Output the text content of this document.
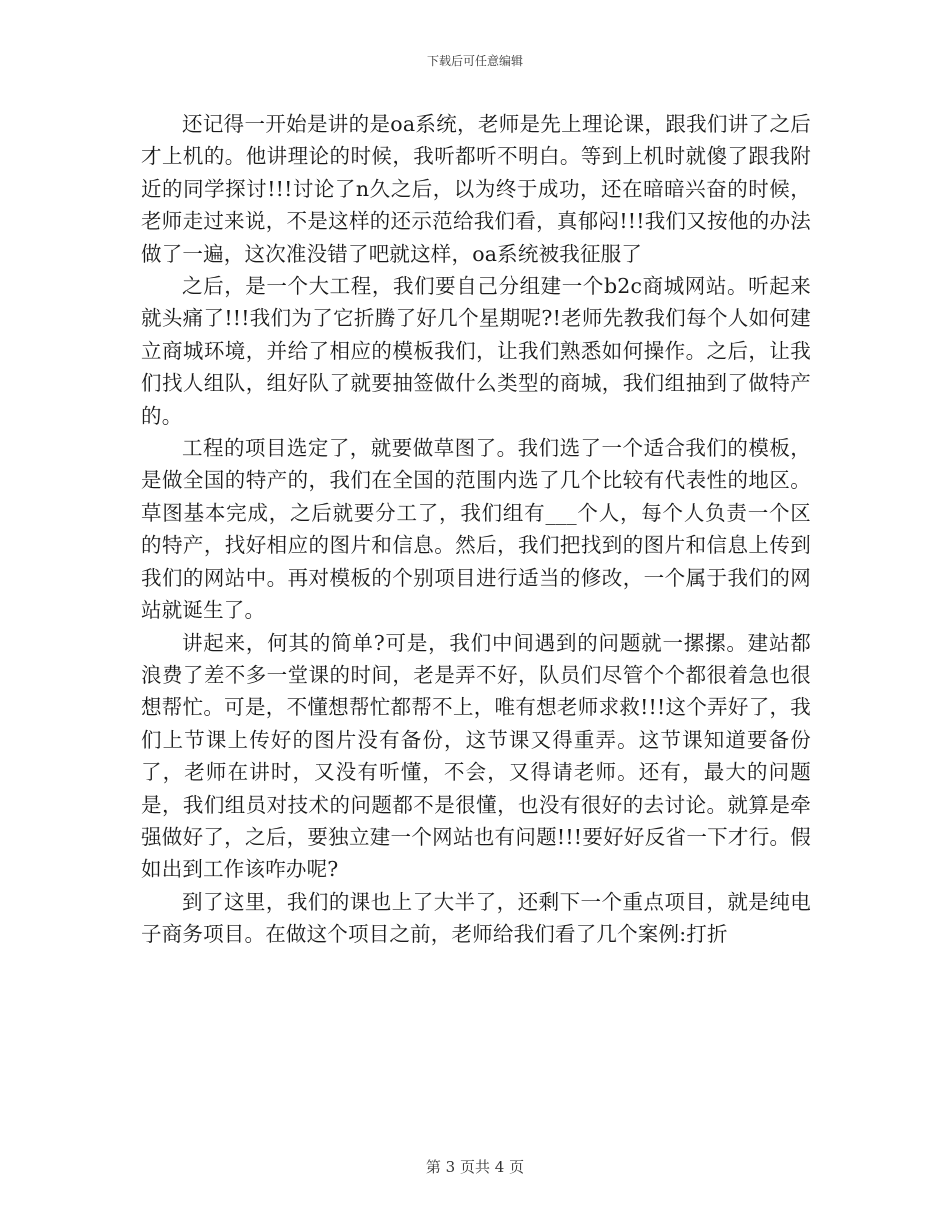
下载后可任意编辑

还记得一开始是讲的是oa系统，老师是先上理论课，跟我们讲了之后才上机的。他讲理论的时候，我听都听不明白。等到上机时就傻了跟我附近的同学探讨!!!讨论了n久之后，以为终于成功，还在暗暗兴奋的时候，老师走过来说，不是这样的还示范给我们看，真郁闷!!!我们又按他的办法做了一遍，这次准没错了吧就这样，oa系统被我征服了

之后，是一个大工程，我们要自己分组建一个b2c商城网站。听起来就头痛了!!!我们为了它折腾了好几个星期呢?!老师先教我们每个人如何建立商城环境，并给了相应的模板我们，让我们熟悉如何操作。之后，让我们找人组队，组好队了就要抽签做什么类型的商城，我们组抽到了做特产的。

工程的项目选定了，就要做草图了。我们选了一个适合我们的模板，是做全国的特产的，我们在全国的范围内选了几个比较有代表性的地区。草图基本完成，之后就要分工了，我们组有___个人，每个人负责一个区的特产，找好相应的图片和信息。然后，我们把找到的图片和信息上传到我们的网站中。再对模板的个别项目进行适当的修改，一个属于我们的网站就诞生了。

讲起来，何其的简单?可是，我们中间遇到的问题就一摞摞。建站都浪费了差不多一堂课的时间，老是弄不好，队员们尽管个个都很着急也很想帮忙。可是，不懂想帮忙都帮不上，唯有想老师求救!!!这个弄好了，我们上节课上传好的图片没有备份，这节课又得重弄。这节课知道要备份了，老师在讲时，又没有听懂，不会，又得请老师。还有，最大的问题是，我们组员对技术的问题都不是很懂，也没有很好的去讨论。就算是牵强做好了，之后，要独立建一个网站也有问题!!!要好好反省一下才行。假如出到工作该咋办呢?

到了这里，我们的课也上了大半了，还剩下一个重点项目，就是纯电子商务项目。在做这个项目之前，老师给我们看了几个案例:打折

第 3 页共 4 页
